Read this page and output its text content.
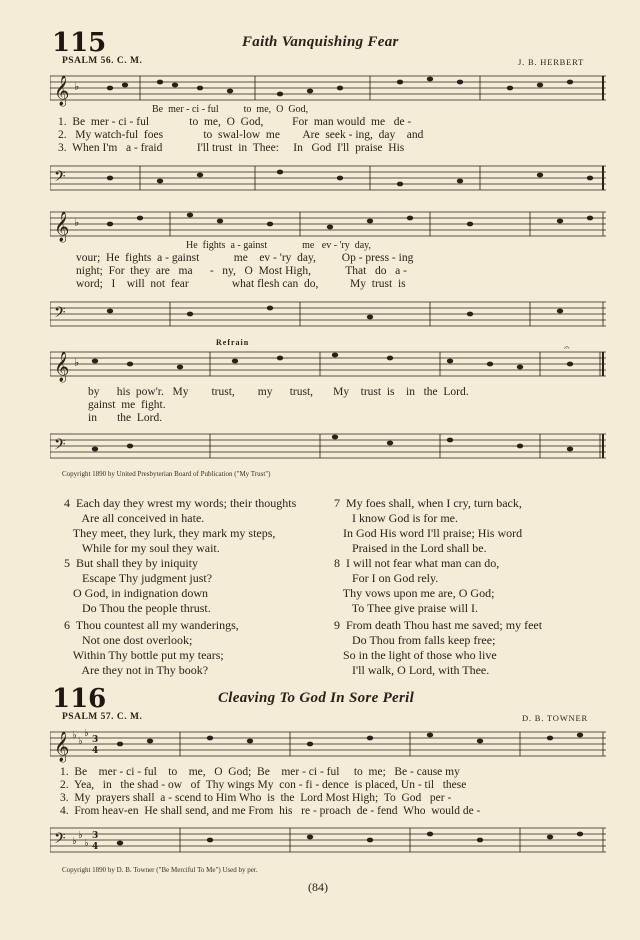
115	Faith Vanquishing Fear
PSALM 56. C. M.	J. B. HERBERT
𝄞 ♭
Be  mer - ci - ful          to  me,  O  God,
1.  Be  mer - ci - ful              to  me,  O  God,          For  man would  me   de -
2.   My watch-ful  foes              to  swal-low  me        Are  seek - ing,  day    and
3.  When I'm   a - fraid            I'll trust  in  Thee:     In   God  I'll  praise  His
𝄢
𝄞 ♭
He  fights  a - gainst              me   ev - 'ry  day,
vour;  He  fights  a - gainst            me    ev - 'ry  day,         Op - press - ing
night;  For  they  are   ma      -   ny,   O  Most High,            That   do   a -
word;   I    will  not  fear               what flesh can  do,           My  trust  is
𝄢
Refrain
𝄞 ♭
𝄐
by      his  pow'r.   My        trust,        my      trust,       My    trust  is    in   the  Lord.
gainst  me  fight.
in       the  Lord.
𝄢
Copyright 1890 by United Presbyterian Board of Publication ("My Trust")
4  Each day they wrest my words; their thoughts
Are all conceived in hate.
They meet, they lurk, they mark my steps,
While for my soul they wait.
5  But shall they by iniquity
Escape Thy judgment just?
O God, in indignation down
Do Thou the people thrust.
6  Thou countest all my wanderings,
Not one dost overlook;
Within Thy bottle put my tears;
Are they not in Thy book?
7  My foes shall, when I cry, turn back,
I know God is for me.
In God His word I'll praise; His word
Praised in the Lord shall be.
8  I will not fear what man can do,
For I on God rely.
Thy vows upon me are, O God;
To Thee give praise will I.
9  From death Thou hast me saved; my feet
Do Thou from falls keep free;
So in the light of those who live
I'll walk, O Lord, with Thee.
116	Cleaving To God In Sore Peril
PSALM 57. C. M.	D. B. TOWNER
𝄞 ♭
♭
♭
3
4
1.  Be    mer - ci - ful    to    me,   O  God;  Be    mer - ci - ful     to  me;   Be - cause my
2.  Yea,   in   the shad - ow   of  Thy wings My  con - fi - dence  is placed, Un - til   these
3.  My  prayers shall  a - scend to Him Who  is  the  Lord Most High;  To  God   per -
4.  From heav-en  He shall send, and me From  his   re - proach  de - fend  Who  would de -
𝄢 ♭
♭
♭
3
4
Copyright 1890 by D. B. Towner ("Be Merciful To Me") Used by per.
(84)
